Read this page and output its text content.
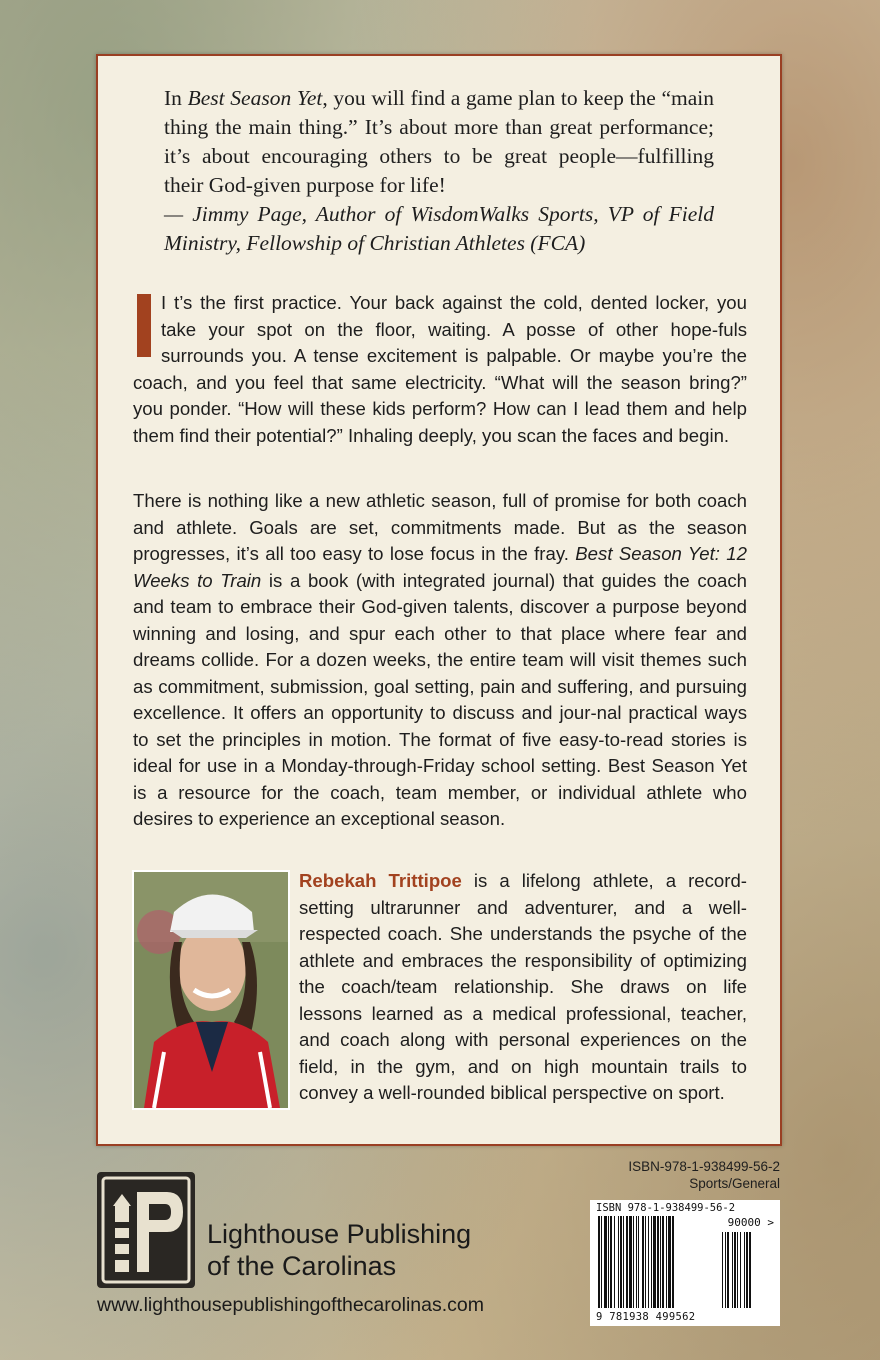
In Best Season Yet, you will find a game plan to keep the “main thing the main thing.” It’s about more than great performance; it’s about encouraging others to be great people—fulfilling their God-given purpose for life!
— Jimmy Page, Author of WisdomWalks Sports, VP of Field Ministry, Fellowship of Christian Athletes (FCA)
I t’s the first practice. Your back against the cold, dented locker, you take your spot on the floor, waiting. A posse of other hope-fuls surrounds you. A tense excitement is palpable. Or maybe you’re the coach, and you feel that same electricity. “What will the season bring?” you ponder. “How will these kids perform? How can I lead them and help them find their potential?” Inhaling deeply, you scan the faces and begin.
There is nothing like a new athletic season, full of promise for both coach and athlete. Goals are set, commitments made. But as the season progresses, it’s all too easy to lose focus in the fray. Best Season Yet: 12 Weeks to Train is a book (with integrated journal) that guides the coach and team to embrace their God-given talents, discover a purpose beyond winning and losing, and spur each other to that place where fear and dreams collide. For a dozen weeks, the entire team will visit themes such as commitment, submission, goal setting, pain and suffering, and pursuing excellence. It offers an opportunity to discuss and jour-nal practical ways to set the principles in motion. The format of five easy-to-read stories is ideal for use in a Monday-through-Friday school setting. Best Season Yet is a resource for the coach, team member, or individual athlete who desires to experience an exceptional season.
Rebekah Trittipoe is a lifelong athlete, a record-setting ultrarunner and adventurer, and a well-respected coach. She understands the psyche of the athlete and embraces the responsibility of optimizing the coach/team relationship. She draws on life lessons learned as a medical professional, teacher, and coach along with personal experiences on the field, in the gym, and on high mountain trails to convey a well-rounded biblical perspective on sport.
Lighthouse Publishing
of the Carolinas
www.lighthousepublishingofthecarolinas.com
ISBN-978-1-938499-56-2
Sports/General
ISBN 978-1-938499-56-2
90000 >
9 781938 499562
